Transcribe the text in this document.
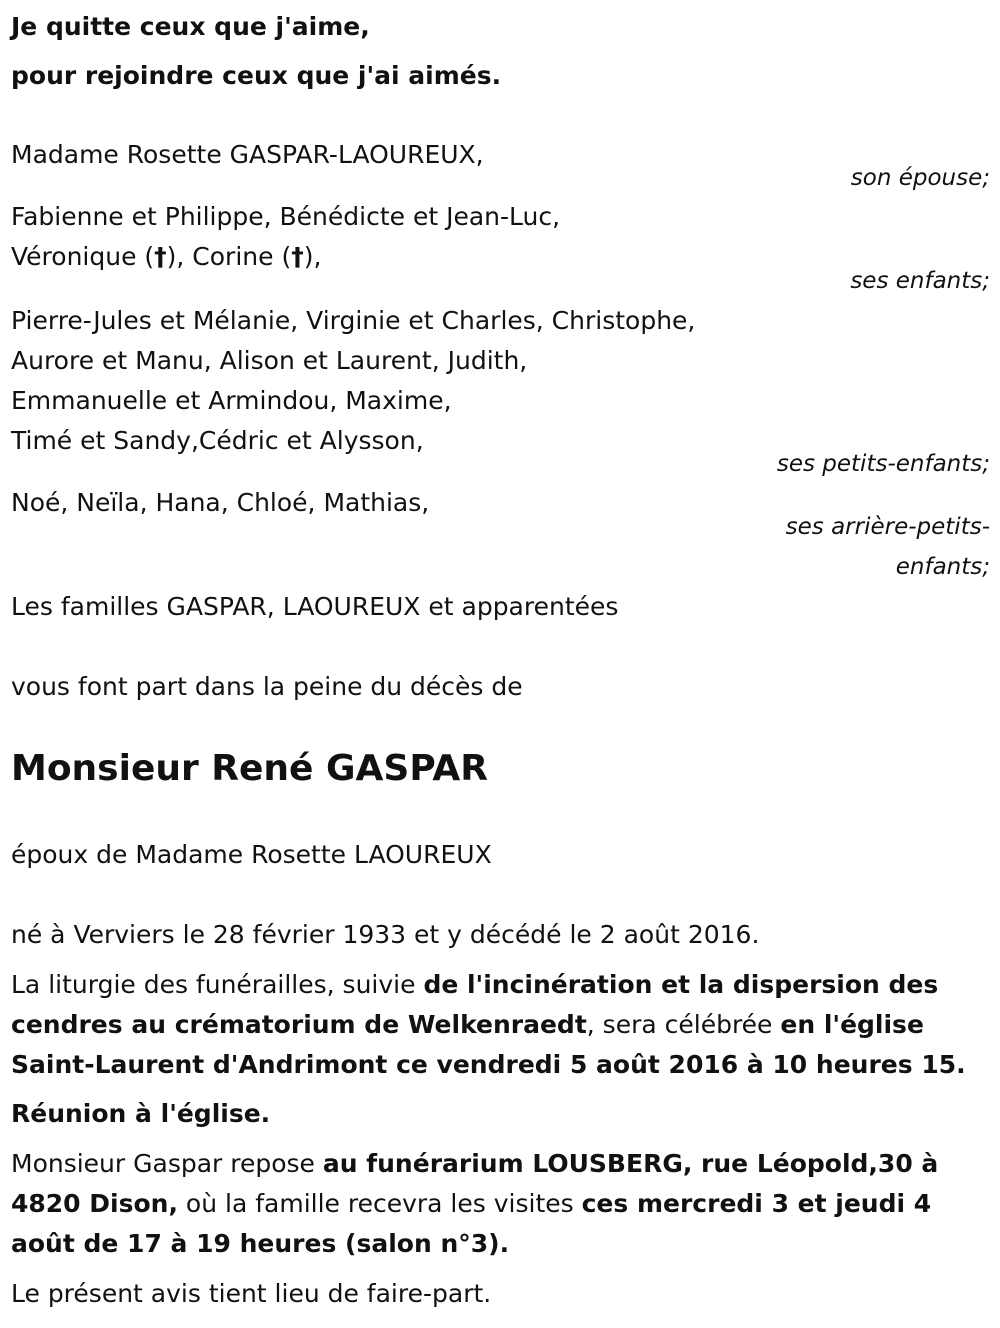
Je quitte ceux que j'aime,

pour rejoindre ceux que j'ai aimés.

Madame Rosette GASPAR-LAOUREUX,

son épouse;

Fabienne et Philippe, Bénédicte et Jean-Luc,

Véronique (†), Corine (†),

ses enfants;

Pierre-Jules et Mélanie, Virginie et Charles, Christophe,

Aurore et Manu, Alison et Laurent, Judith,

Emmanuelle et Armindou, Maxime,

Timé et Sandy,Cédric et Alysson,

ses petits-enfants;

Noé, Neïla, Hana, Chloé, Mathias,

ses arrière-petits-

enfants;

Les familles GASPAR, LAOUREUX et apparentées

vous font part dans la peine du décès de

Monsieur René GASPAR

époux de Madame Rosette LAOUREUX

né à Verviers le 28 février 1933 et y décédé le 2 août 2016.

La liturgie des funérailles, suivie de l'incinération et la dispersion des

cendres au crématorium de Welkenraedt, sera célébrée en l'église

Saint-Laurent d'Andrimont ce vendredi 5 août 2016 à 10 heures 15.

Réunion à l'église.

Monsieur Gaspar repose au funérarium LOUSBERG, rue Léopold,30 à

4820 Dison, où la famille recevra les visites ces mercredi 3 et jeudi 4

août de 17 à 19 heures (salon n°3).

Le présent avis tient lieu de faire-part.
